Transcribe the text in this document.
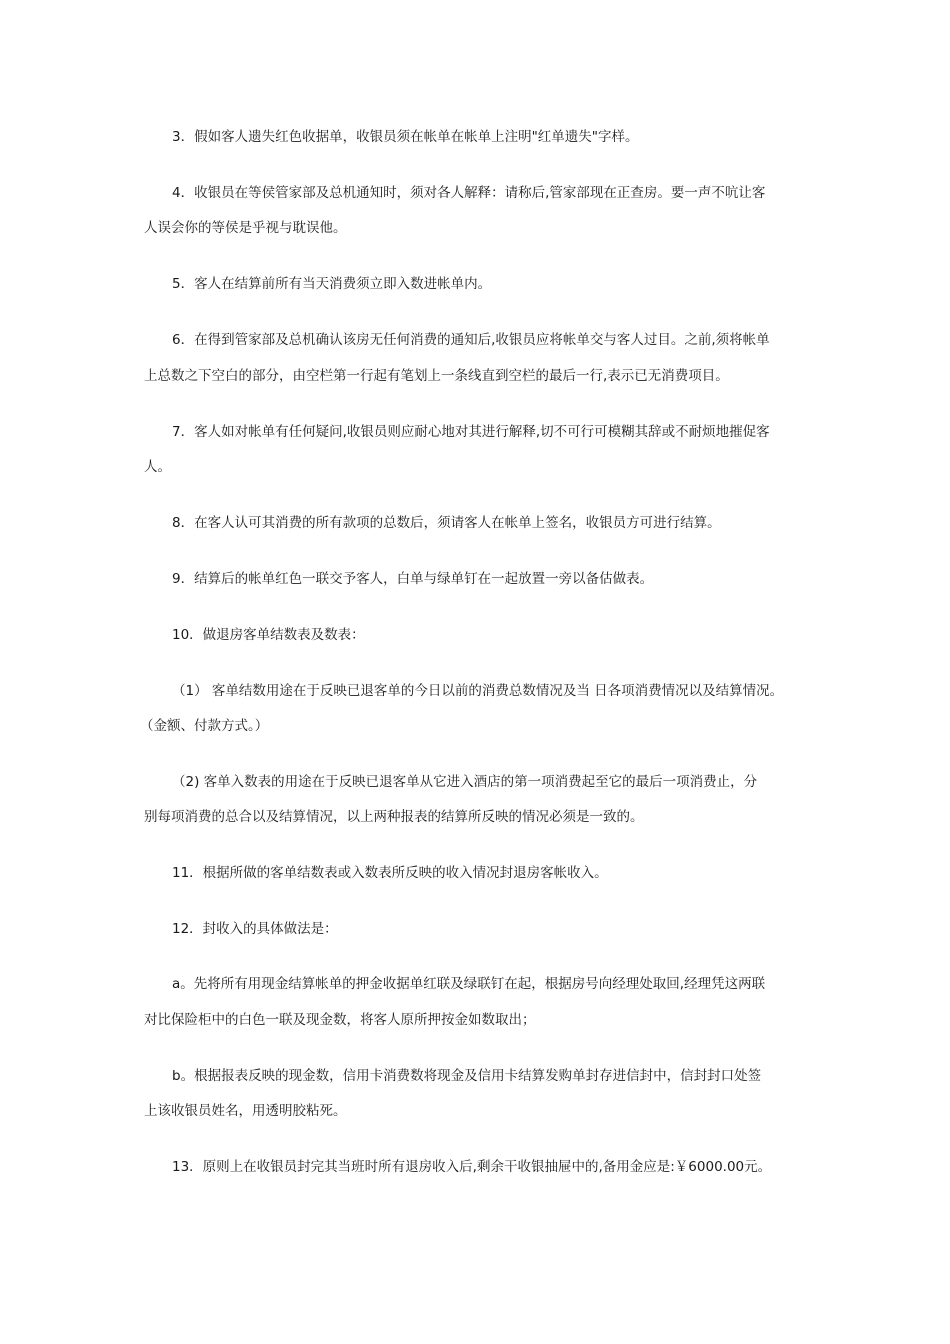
3．假如客人遗失红色收据单，收银员须在帐单在帐单上注明"红单遗失"字样。

4．收银员在等侯管家部及总机通知时，须对各人解释：请称后,管家部现在正查房。要一声不吭让客

人误会你的等侯是乎视与耽误他。

5．客人在结算前所有当天消费须立即入数进帐单内。

6．在得到管家部及总机确认该房无任何消费的通知后,收银员应将帐单交与客人过目。之前,须将帐单

上总数之下空白的部分，由空栏第一行起有笔划上一条线直到空栏的最后一行,表示已无消费项目。

7．客人如对帐单有任何疑问,收银员则应耐心地对其进行解释,切不可行可模糊其辞或不耐烦地摧促客

人。

8．在客人认可其消费的所有款项的总数后，须请客人在帐单上签名，收银员方可进行结算。

9．结算后的帐单红色一联交予客人，白单与绿单钉在一起放置一旁以备估做表。

10．做退房客单结数表及数表：

（1） 客单结数用途在于反映已退客单的今日以前的消费总数情况及当 日各项消费情况以及结算情况。

（金额、付款方式。）

（2) 客单入数表的用途在于反映已退客单从它进入酒店的第一项消费起至它的最后一项消费止，分

别每项消费的总合以及结算情况，以上两种报表的结算所反映的情况必须是一致的。

11．根据所做的客单结数表或入数表所反映的收入情况封退房客帐收入。

12．封收入的具体做法是：

a。先将所有用现金结算帐单的押金收据单红联及绿联钉在起，根据房号向经理处取回,经理凭这两联

对比保险柜中的白色一联及现金数，将客人原所押按金如数取出；

b。根据报表反映的现金数，信用卡消费数将现金及信用卡结算发购单封存进信封中，信封封口处签

上该收银员姓名，用透明胶粘死。

13．原则上在收银员封完其当班时所有退房收入后,剩余干收银抽屉中的,备用金应是:￥6000.00元。
